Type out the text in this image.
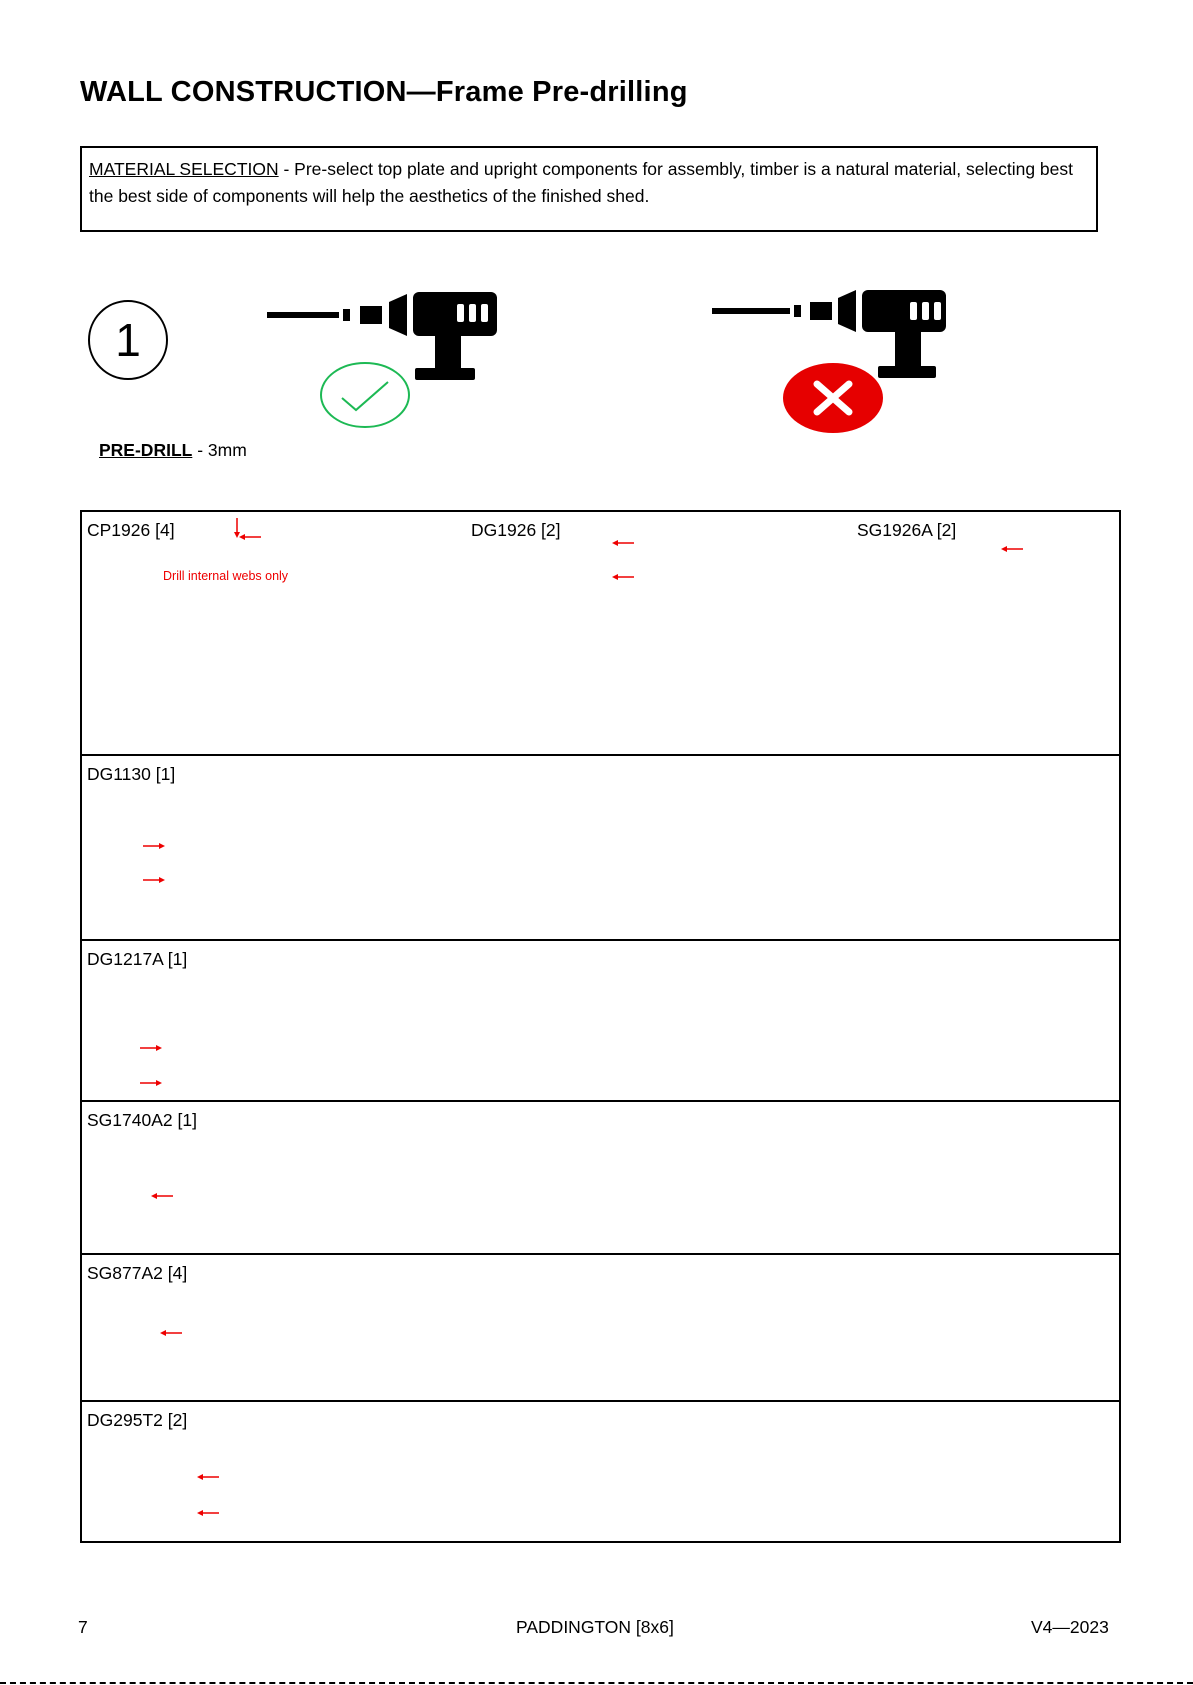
WALL CONSTRUCTION—Frame Pre-drilling
MATERIAL SELECTION - Pre-select top plate and upright components for assembly, timber is a natural material, selecting best the best side of components will help the aesthetics of the finished shed.
1
PRE-DRILL - 3mm
CP1926 [4]	DG1926 [2]	SG1926A [2]
Drill internal webs only

DG1130 [1]

DG1217A [1]

SG1740A2 [1]

SG877A2 [4]

DG295T2 [2]
7	PADDINGTON [8x6]	V4—2023
